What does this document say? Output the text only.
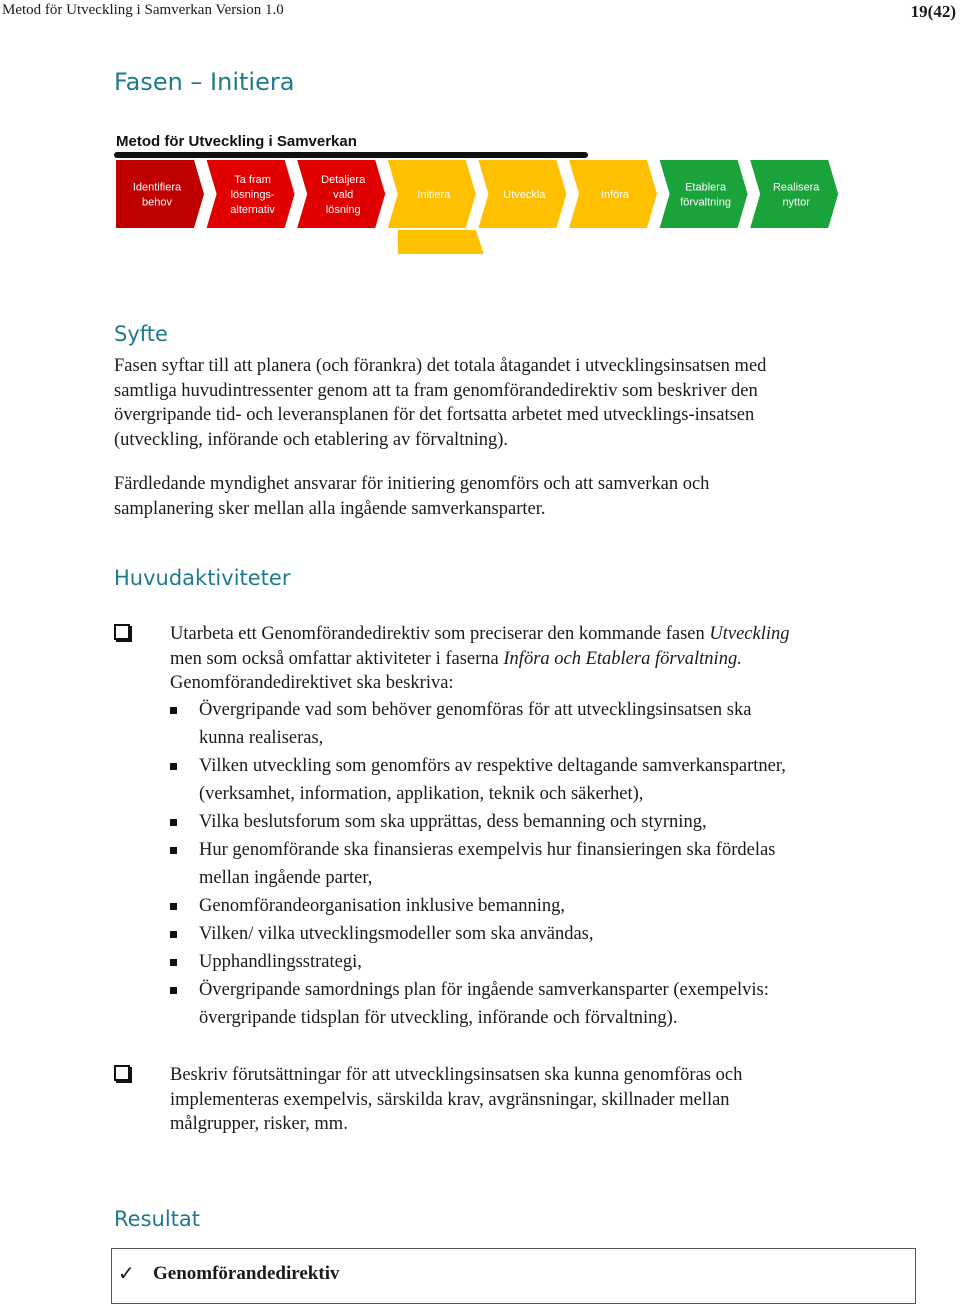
Metod för Utveckling i Samverkan Version 1.0	19(42)
Fasen – Initiera
Metod för Utveckling i Samverkan
Identifiera
behov
Ta fram
lösnings-
alternativ
Detaljera
vald
lösning
Initiera	Utveckla	Införa
Etablera
förvaltning
Realisera
nyttor
Syfte
Fasen syftar till att planera (och förankra) det totala åtagandet i utvecklingsinsatsen med
samtliga huvudintressenter genom att ta fram genomförandedirektiv som beskriver den
övergripande tid- och leveransplanen för det fortsatta arbetet med utvecklings-insatsen
(utveckling, införande och etablering av förvaltning).
Färdledande myndighet ansvarar för initiering genomförs och att samverkan och
samplanering sker mellan alla ingående samverkansparter.
Huvudaktiviteter

Utarbeta ett Genomförandedirektiv som preciserar den kommande fasen Utveckling

men som också omfattar aktiviteter i faserna Införa och Etablera förvaltning.

Genomförandedirektivet ska beskriva:

Övergripande vad som behöver genomföras för att utvecklingsinsatsen ska
kunna realiseras,
Vilken utveckling som genomförs av respektive deltagande samverkanspartner,
(verksamhet, information, applikation, teknik och säkerhet),
Vilka beslutsforum som ska upprättas, dess bemanning och styrning,
Hur genomförande ska finansieras exempelvis hur finansieringen ska fördelas
mellan ingående parter,
Genomförandeorganisation inklusive bemanning,
Vilken/ vilka utvecklingsmodeller som ska användas,
Upphandlingsstrategi,
Övergripande samordnings plan för ingående samverkansparter (exempelvis:
övergripande tidsplan för utveckling, införande och förvaltning).

Beskriv förutsättningar för att utvecklingsinsatsen ska kunna genomföras och

implementeras exempelvis, särskilda krav, avgränsningar, skillnader mellan

målgrupper, risker, mm.

Resultat
✓ Genomförandedirektiv
